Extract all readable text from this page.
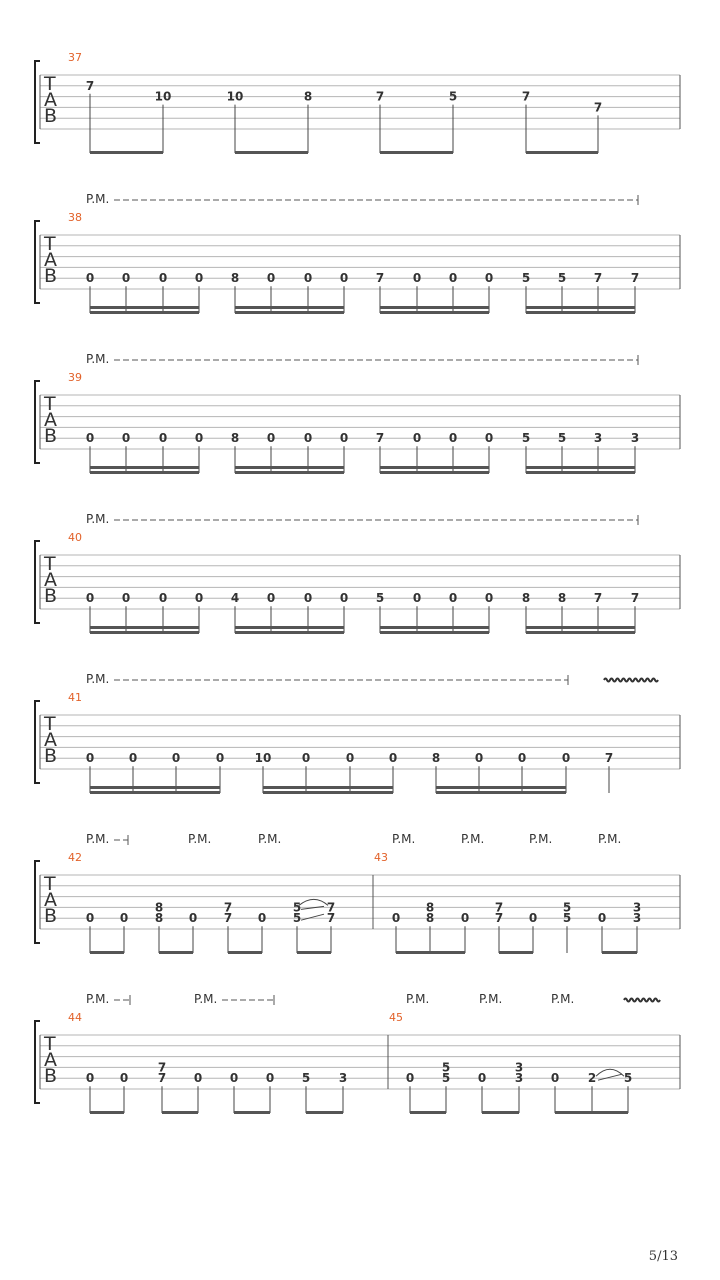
T
A
B
37
7
10	10	8	7	5	7
7
T
A
B
38
0 0 0 0 8 0 0 0 7 0 0 0 5 5 7 7
P.M.
T
A
B
39
0 0 0 0 8 0 0 0 7 0 0 0 5 5 3 3
P.M.
T
A
B
40
0 0 0 0 4 0 0 0 5 0 0 0 8 8 7 7
P.M.
T
A
B
41
0	0	0	0	10	0	0	0	8	0	0	0	7
P.M.
T
A
B
42
0 0
8
8 0
7
7 0
5
5
7
7
43
0
8
8 0
7
7 0
5
5 0
3
3
P.M.	P.M.	P.M.	P.M.	P.M.	P.M.	P.M.
T
A
B
44
0 0
7
7 0 0 0 5 3
45
0
5
5 0
3
3 0 2 5
P.M.	P.M.	P.M.	P.M.	P.M.
5/13
